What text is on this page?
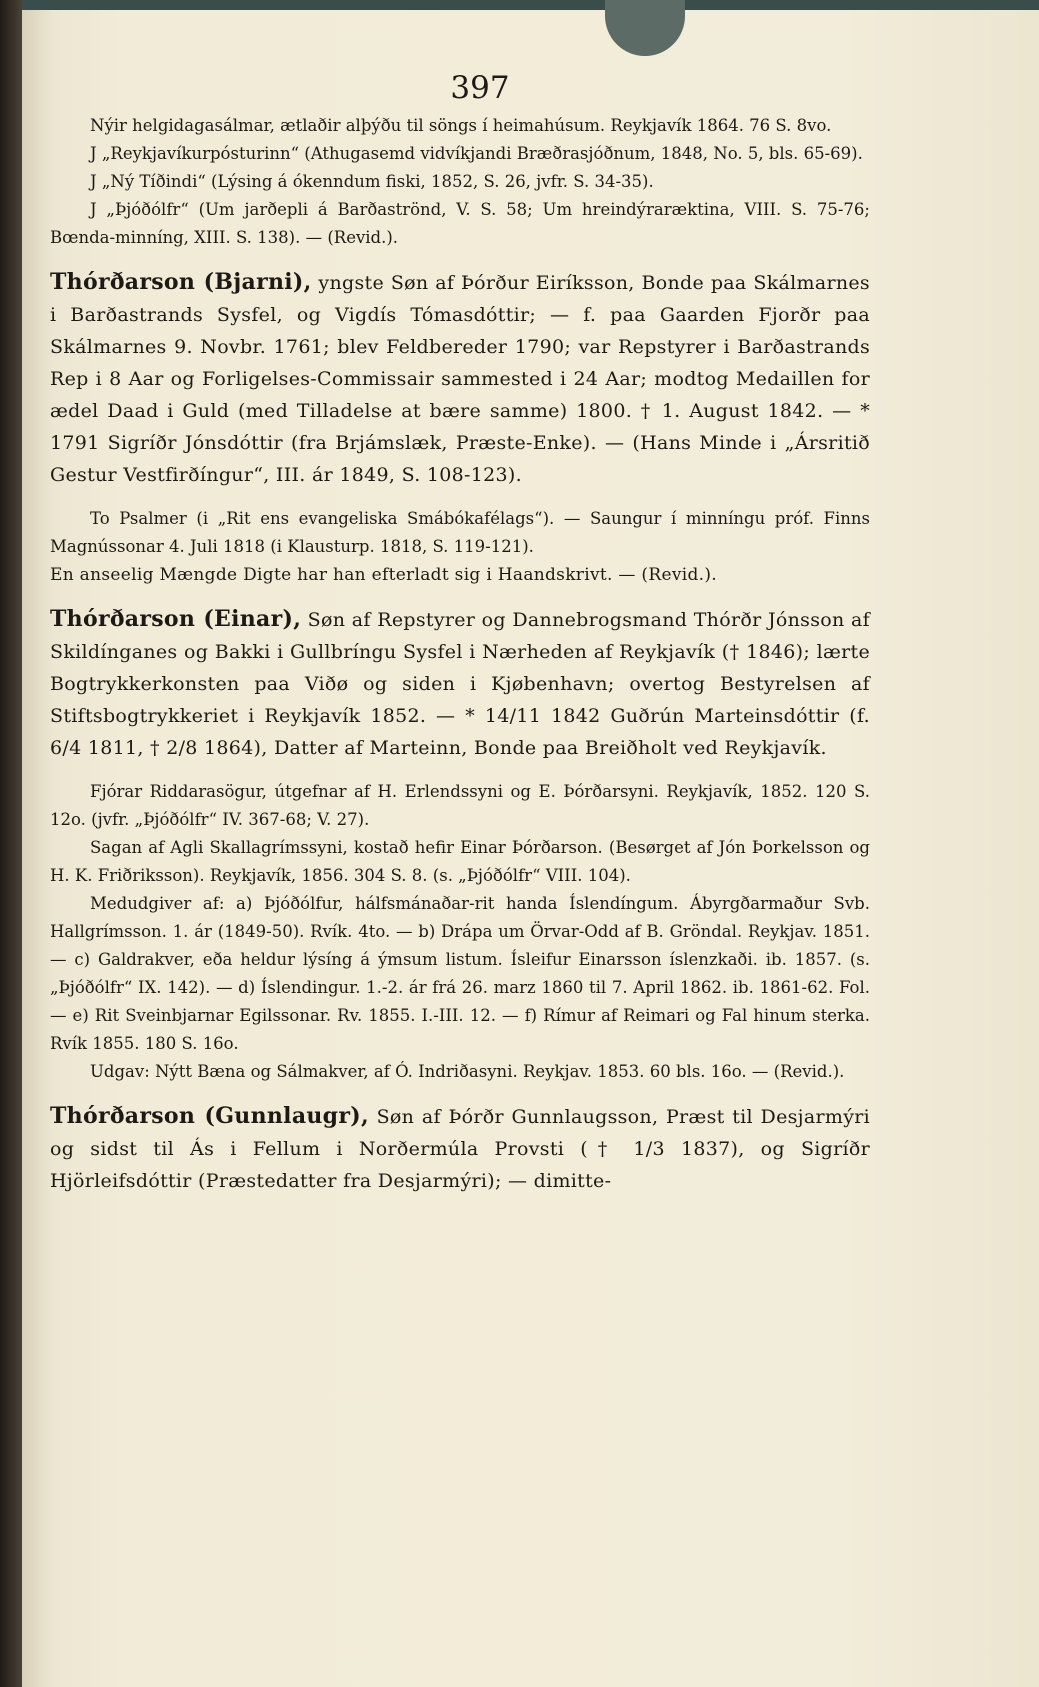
397

Nýir helgidagasálmar, ætlaðir alþýðu til söngs í heimahúsum. Reykjavík 1864. 76 S. 8vo.

J „Reykjavíkurpósturinn“ (Athugasemd vidvíkjandi Bræðrasjóðnum, 1848, No. 5, bls. 65-69).

J „Ný Tíðindi“ (Lýsing á ókenndum fiski, 1852, S. 26, jvfr. S. 34-35).

J „Þjóðólfr“ (Um jarðepli á Barðaströnd, V. S. 58; Um hreindýraræktina, VIII. S. 75-76; Bœnda-minníng, XIII. S. 138). — (Revid.).

Thórðarson (Bjarni), yngste Søn af Þórður Eiríksson, Bonde paa Skálmarnes i Barðastrands Sysfel, og Vigdís Tómasdóttir; — f. paa Gaarden Fjorðr paa Skálmarnes 9. Novbr. 1761; blev Feldbereder 1790; var Repstyrer i Barðastrands Rep i 8 Aar og Forligelses-Commissair sammested i 24 Aar; modtog Medaillen for ædel Daad i Guld (med Tilladelse at bære samme) 1800. † 1. August 1842. — * 1791 Sigríðr Jónsdóttir (fra Brjámslæk, Præste-Enke). — (Hans Minde i „Ársritið Gestur Vestfirðíngur“, III. ár 1849, S. 108-123).

To Psalmer (i „Rit ens evangeliska Smábókafélags“). — Saungur í minníngu próf. Finns Magnússonar 4. Juli 1818 (i Klausturp. 1818, S. 119-121).

En anseelig Mængde Digte har han efterladt sig i Haandskrivt. — (Revid.).

Thórðarson (Einar), Søn af Repstyrer og Dannebrogsmand Thórðr Jónsson af Skildínganes og Bakki i Gullbríngu Sysfel i Nærheden af Reykjavík († 1846); lærte Bogtrykkerkonsten paa Viðø og siden i Kjøbenhavn; overtog Bestyrelsen af Stiftsbogtrykkeriet i Reykjavík 1852. — * 14/11 1842 Guðrún Marteinsdóttir (f. 6/4 1811, † 2/8 1864), Datter af Marteinn, Bonde paa Breiðholt ved Reykjavík.

Fjórar Riddarasögur, útgefnar af H. Erlendssyni og E. Þórðarsyni. Reykjavík, 1852. 120 S. 12o. (jvfr. „Þjóðólfr“ IV. 367-68; V. 27).

Sagan af Agli Skallagrímssyni, kostað hefir Einar Þórðarson. (Besørget af Jón Þorkelsson og H. K. Friðriksson). Reykjavík, 1856. 304 S. 8. (s. „Þjóðólfr“ VIII. 104).

Medudgiver af: a) Þjóðólfur, hálfsmánaðar-rit handa Íslendíngum. Ábyrgðarmaður Svb. Hallgrímsson. 1. ár (1849-50). Rvík. 4to. — b) Drápa um Örvar-Odd af B. Gröndal. Reykjav. 1851. — c) Galdrakver, eða heldur lýsíng á ýmsum listum. Ísleifur Einarsson íslenzkaði. ib. 1857. (s. „Þjóðólfr“ IX. 142). — d) Íslendingur. 1.-2. ár frá 26. marz 1860 til 7. April 1862. ib. 1861-62. Fol. — e) Rit Sveinbjarnar Egilssonar. Rv. 1855. I.-III. 12. — f) Rímur af Reimari og Fal hinum sterka. Rvík 1855. 180 S. 16o.

Udgav: Nýtt Bæna og Sálmakver, af Ó. Indriðasyni. Reykjav. 1853. 60 bls. 16o. — (Revid.).

Thórðarson (Gunnlaugr), Søn af Þórðr Gunnlaugsson, Præst til Desjarmýri og sidst til Ás i Fellum i Norðermúla Provsti († 1/3 1837), og Sigríðr Hjörleifsdóttir (Præstedatter fra Desjarmýri); — dimitte-
